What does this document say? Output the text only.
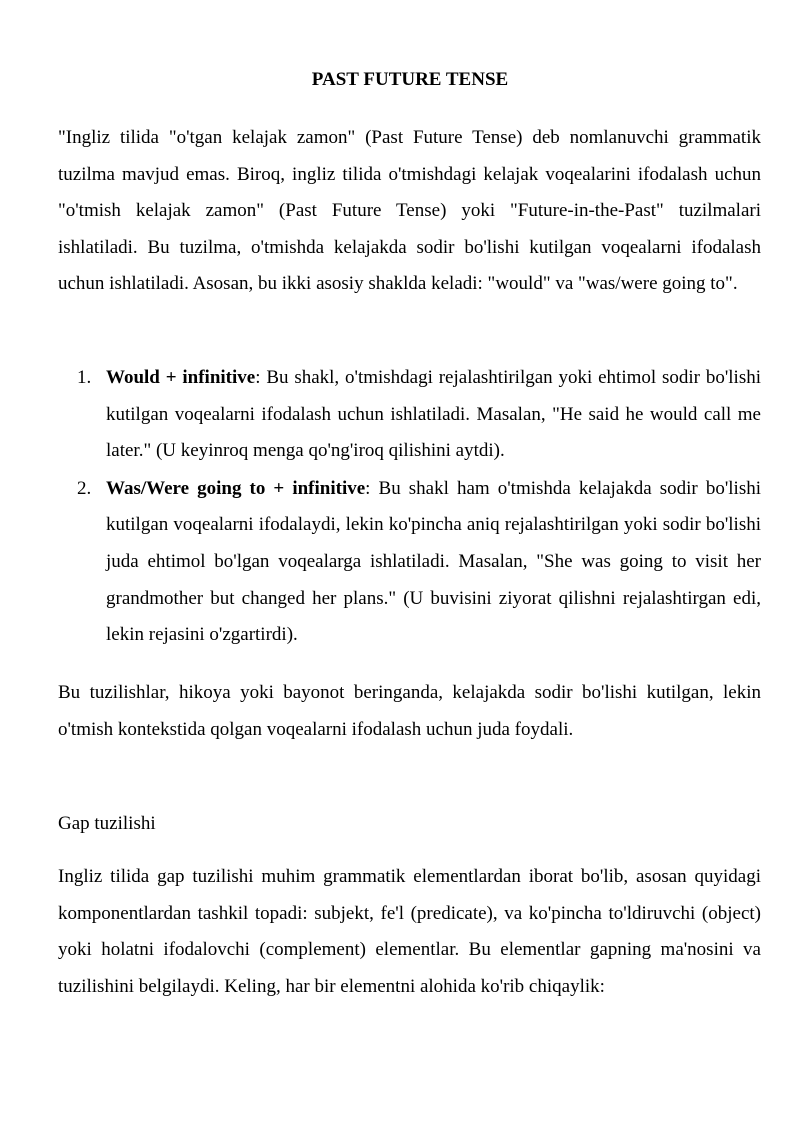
PAST FUTURE TENSE

"Ingliz tilida "o'tgan kelajak zamon" (Past Future Tense) deb nomlanuvchi grammatik tuzilma mavjud emas. Biroq, ingliz tilida o'tmishdagi kelajak voqealarini ifodalash uchun "o'tmish kelajak zamon" (Past Future Tense) yoki "Future-in-the-Past" tuzilmalari ishlatiladi. Bu tuzilma, o'tmishda kelajakda sodir bo'lishi kutilgan voqealarni ifodalash uchun ishlatiladi. Asosan, bu ikki asosiy shaklda keladi: "would" va "was/were going to".

1. Would + infinitive: Bu shakl, o'tmishdagi rejalashtirilgan yoki ehtimol sodir bo'lishi kutilgan voqealarni ifodalash uchun ishlatiladi. Masalan, "He said he would call me later." (U keyinroq menga qo'ng'iroq qilishini aytdi).
2. Was/Were going to + infinitive: Bu shakl ham o'tmishda kelajakda sodir bo'lishi kutilgan voqealarni ifodalaydi, lekin ko'pincha aniq rejalashtirilgan yoki sodir bo'lishi juda ehtimol bo'lgan voqealarga ishlatiladi. Masalan, "She was going to visit her grandmother but changed her plans." (U buvisini ziyorat qilishni rejalashtirgan edi, lekin rejasini o'zgartirdi).

Bu tuzilishlar, hikoya yoki bayonot beringanda, kelajakda sodir bo'lishi kutilgan, lekin o'tmish kontekstida qolgan voqealarni ifodalash uchun juda foydali.

Gap tuzilishi

Ingliz tilida gap tuzilishi muhim grammatik elementlardan iborat bo'lib, asosan quyidagi komponentlardan tashkil topadi: subjekt, fe'l (predicate), va ko'pincha to'ldiruvchi (object) yoki holatni ifodalovchi (complement) elementlar. Bu elementlar gapning ma'nosini va tuzilishini belgilaydi. Keling, har bir elementni alohida ko'rib chiqaylik:
